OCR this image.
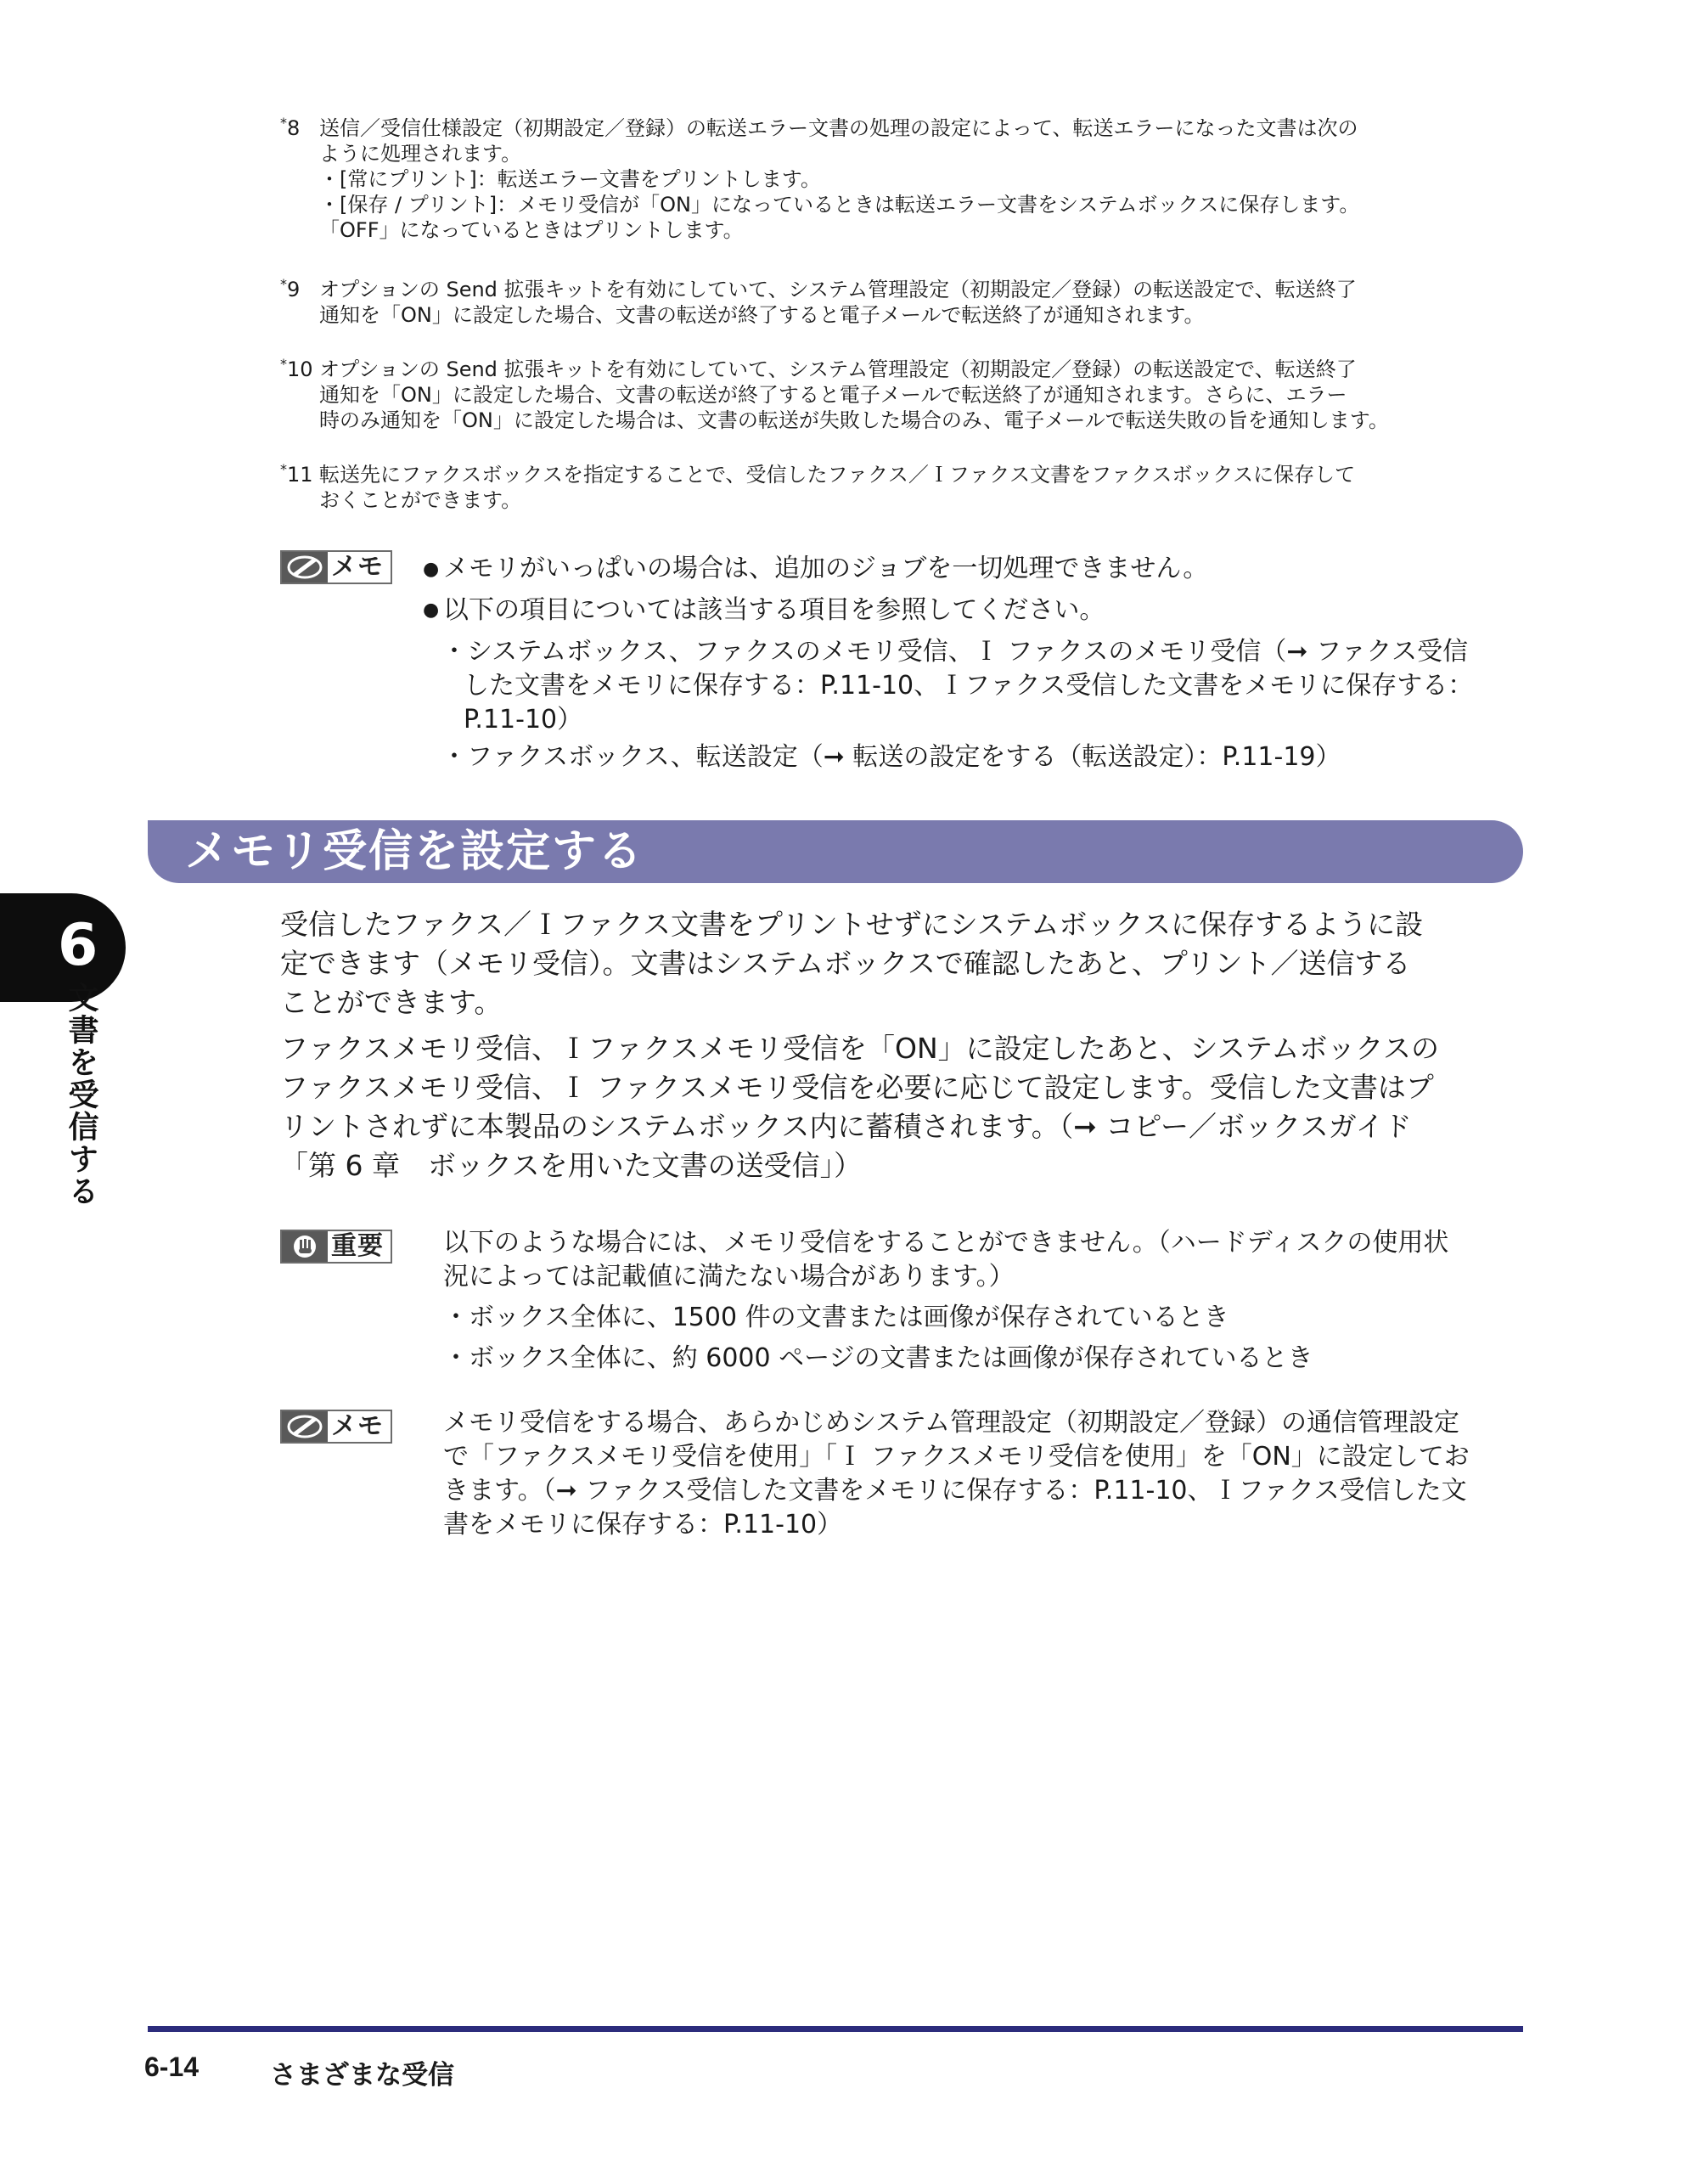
*8 送信／受信仕様設定（初期設定／登録）の転送エラー文書の処理の設定によって、転送エラーになった文書は次の

ように処理されます。

・[常にプリント]：転送エラー文書をプリントします。

・[保存 / プリント]：メモリ受信が「ON」になっているときは転送エラー文書をシステムボックスに保存します。

「OFF」になっているときはプリントします。

*9 オプションの Send 拡張キットを有効にしていて、システム管理設定（初期設定／登録）の転送設定で、転送終了

通知を「ON」に設定した場合、文書の転送が終了すると電子メールで転送終了が通知されます。

*10 オプションの Send 拡張キットを有効にしていて、システム管理設定（初期設定／登録）の転送設定で、転送終了

通知を「ON」に設定した場合、文書の転送が終了すると電子メールで転送終了が通知されます。さらに、エラー

時のみ通知を「ON」に設定した場合は、文書の転送が失敗した場合のみ、電子メールで転送失敗の旨を通知します。

*11 転送先にファクスボックスを指定することで、受信したファクス／Ｉファクス文書をファクスボックスに保存して

おくことができます。

メモ ● メモリがいっぱいの場合は、追加のジョブを一切処理できません。
● 以下の項目については該当する項目を参照してください。
・システムボックス、ファクスのメモリ受信、Ｉ ファクスのメモリ受信（➞ ファクス受信
した文書をメモリに保存する：P.11-10、Ｉファクス受信した文書をメモリに保存する：
P.11-10）
・ファクスボックス、転送設定（➞ 転送の設定をする（転送設定）：P.11-19）
メモリ受信を設定する

受信したファクス／Ｉファクス文書をプリントせずにシステムボックスに保存するように設

定できます（メモリ受信）。文書はシステムボックスで確認したあと、プリント／送信する

ことができます。

ファクスメモリ受信、Ｉファクスメモリ受信を「ON」に設定したあと、システムボックスの

ファクスメモリ受信、Ｉ ファクスメモリ受信を必要に応じて設定します。受信した文書はプ

リントされずに本製品のシステムボックス内に蓄積されます。（➞ コピー／ボックスガイド

「第 6 章　ボックスを用いた文書の送受信」）

重要 以下のような場合には、メモリ受信をすることができません。（ハードディスクの使用状

況によっては記載値に満たない場合があります。）

・ボックス全体に、1500 件の文書または画像が保存されているとき

・ボックス全体に、約 6000 ページの文書または画像が保存されているとき

メモ メモリ受信をする場合、あらかじめシステム管理設定（初期設定／登録）の通信管理設定

で「ファクスメモリ受信を使用」「Ｉ ファクスメモリ受信を使用」を「ON」に設定してお

きます。（➞ ファクス受信した文書をメモリに保存する：P.11-10、Ｉファクス受信した文

書をメモリに保存する：P.11-10）

6
文書を受信する
6-14	さまざまな受信
